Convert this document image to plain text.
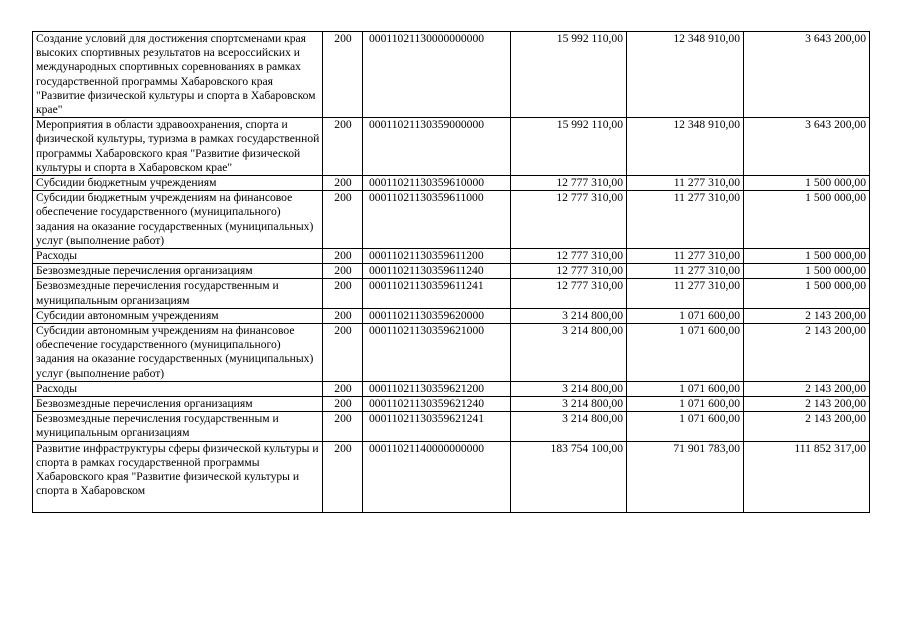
Создание условий для достижения спортсменами края высоких спортивных результатов на всероссийских и международных спортивных соревнованиях в рамках государственной программы Хабаровского края "Развитие физической культуры и спорта в Хабаровском крае"	200	00011021130000000000	15 992 110,00	12 348 910,00	3 643 200,00
Мероприятия в области здравоохранения, спорта и физической культуры, туризма в рамках государственной программы Хабаровского края "Развитие физической культуры и спорта в Хабаровском крае"	200	00011021130359000000	15 992 110,00	12 348 910,00	3 643 200,00
Субсидии бюджетным учреждениям	200	00011021130359610000	12 777 310,00	11 277 310,00	1 500 000,00
Субсидии бюджетным учреждениям на финансовое обеспечение государственного (муниципального) задания на оказание государственных (муниципальных) услуг (выполнение работ)	200	00011021130359611000	12 777 310,00	11 277 310,00	1 500 000,00
Расходы	200	00011021130359611200	12 777 310,00	11 277 310,00	1 500 000,00
Безвозмездные перечисления организациям	200	00011021130359611240	12 777 310,00	11 277 310,00	1 500 000,00
Безвозмездные перечисления государственным и муниципальным организациям	200	00011021130359611241	12 777 310,00	11 277 310,00	1 500 000,00
Субсидии автономным учреждениям	200	00011021130359620000	3 214 800,00	1 071 600,00	2 143 200,00
Субсидии автономным учреждениям на финансовое обеспечение государственного (муниципального) задания на оказание государственных (муниципальных) услуг (выполнение работ)	200	00011021130359621000	3 214 800,00	1 071 600,00	2 143 200,00
Расходы	200	00011021130359621200	3 214 800,00	1 071 600,00	2 143 200,00
Безвозмездные перечисления организациям	200	00011021130359621240	3 214 800,00	1 071 600,00	2 143 200,00
Безвозмездные перечисления государственным и муниципальным организациям	200	00011021130359621241	3 214 800,00	1 071 600,00	2 143 200,00
Развитие инфраструктуры сферы физической культуры и спорта в рамках государственной программы Хабаровского края "Развитие физической культуры и спорта в Хабаровском	200	00011021140000000000	183 754 100,00	71 901 783,00	111 852 317,00
